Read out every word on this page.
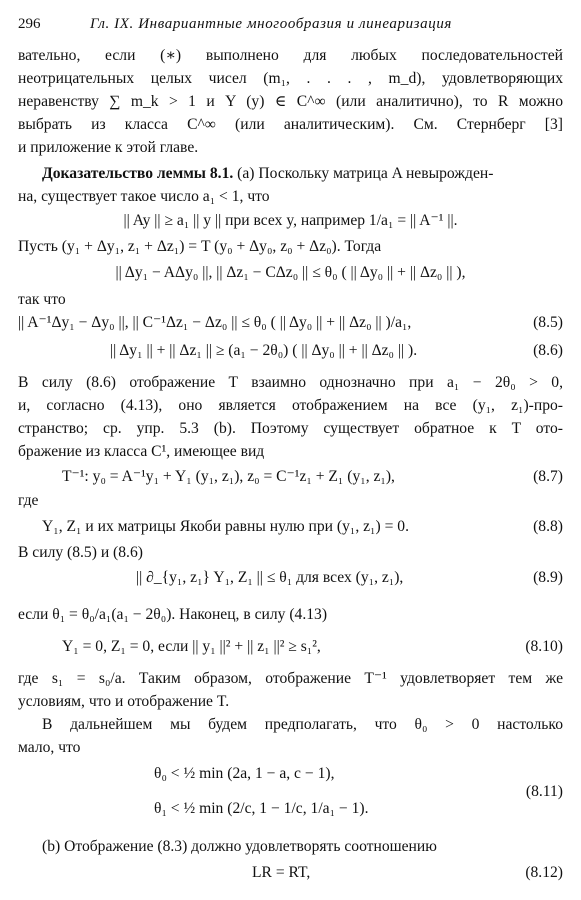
296	Гл. IX. Инвариантные многообразия и линеаризация
вательно, если (∗) выполнено для любых последовательностей
неотрицательных целых чисел (m₁, . . . , m_d), удовлетворяющих
неравенству ∑ m_k > 1 и Y (y) ∈ C^∞ (или аналитично), то R можно
выбрать из класса C^∞ (или аналитическим). См. Стернберг [3]
и приложение к этой главе.
Доказательство леммы 8.1. (a) Поскольку матрица A невырожден-
на, существует такое число a₁ < 1, что
|| Ay || ≥ a₁ || y || при всех y, например 1/a₁ = || A⁻¹ ||.
Пусть (y₁ + Δy₁, z₁ + Δz₁) = T (y₀ + Δy₀, z₀ + Δz₀). Тогда
|| Δy₁ − AΔy₀ ||, || Δz₁ − CΔz₀ || ≤ θ₀ ( || Δy₀ || + || Δz₀ || ),
так что
|| A⁻¹Δy₁ − Δy₀ ||, || C⁻¹Δz₁ − Δz₀ || ≤ θ₀ ( || Δy₀ || + || Δz₀ || )/a₁,	(8.5)
|| Δy₁ || + || Δz₁ || ≥ (a₁ − 2θ₀) ( || Δy₀ || + || Δz₀ || ).	(8.6)
В силу (8.6) отображение T взаимно однозначно при a₁ − 2θ₀ > 0,
и, согласно (4.13), оно является отображением на все (y₁, z₁)-про-
странство; ср. упр. 5.3 (b). Поэтому существует обратное к T ото-
бражение из класса C¹, имеющее вид
T⁻¹: y₀ = A⁻¹y₁ + Y₁ (y₁, z₁), z₀ = C⁻¹z₁ + Z₁ (y₁, z₁),	(8.7)
где
Y₁, Z₁ и их матрицы Якоби равны нулю при (y₁, z₁) = 0.	(8.8)
В силу (8.5) и (8.6)
|| ∂_{y₁, z₁} Y₁, Z₁ || ≤ θ₁ для всех (y₁, z₁),	(8.9)
если θ₁ = θ₀/a₁(a₁ − 2θ₀). Наконец, в силу (4.13)
Y₁ = 0, Z₁ = 0, если || y₁ ||² + || z₁ ||² ≥ s₁²,	(8.10)
где s₁ = s₀/a. Таким образом, отображение T⁻¹ удовлетворяет тем же
условиям, что и отображение T.
В дальнейшем мы будем предполагать, что θ₀ > 0 настолько
мало, что
θ₀ < ½ min (2a, 1 − a, c − 1),
(8.11)
θ₁ < ½ min (2/c, 1 − 1/c, 1/a₁ − 1).
(b) Отображение (8.3) должно удовлетворять соотношению
LR = RT,	(8.12)
